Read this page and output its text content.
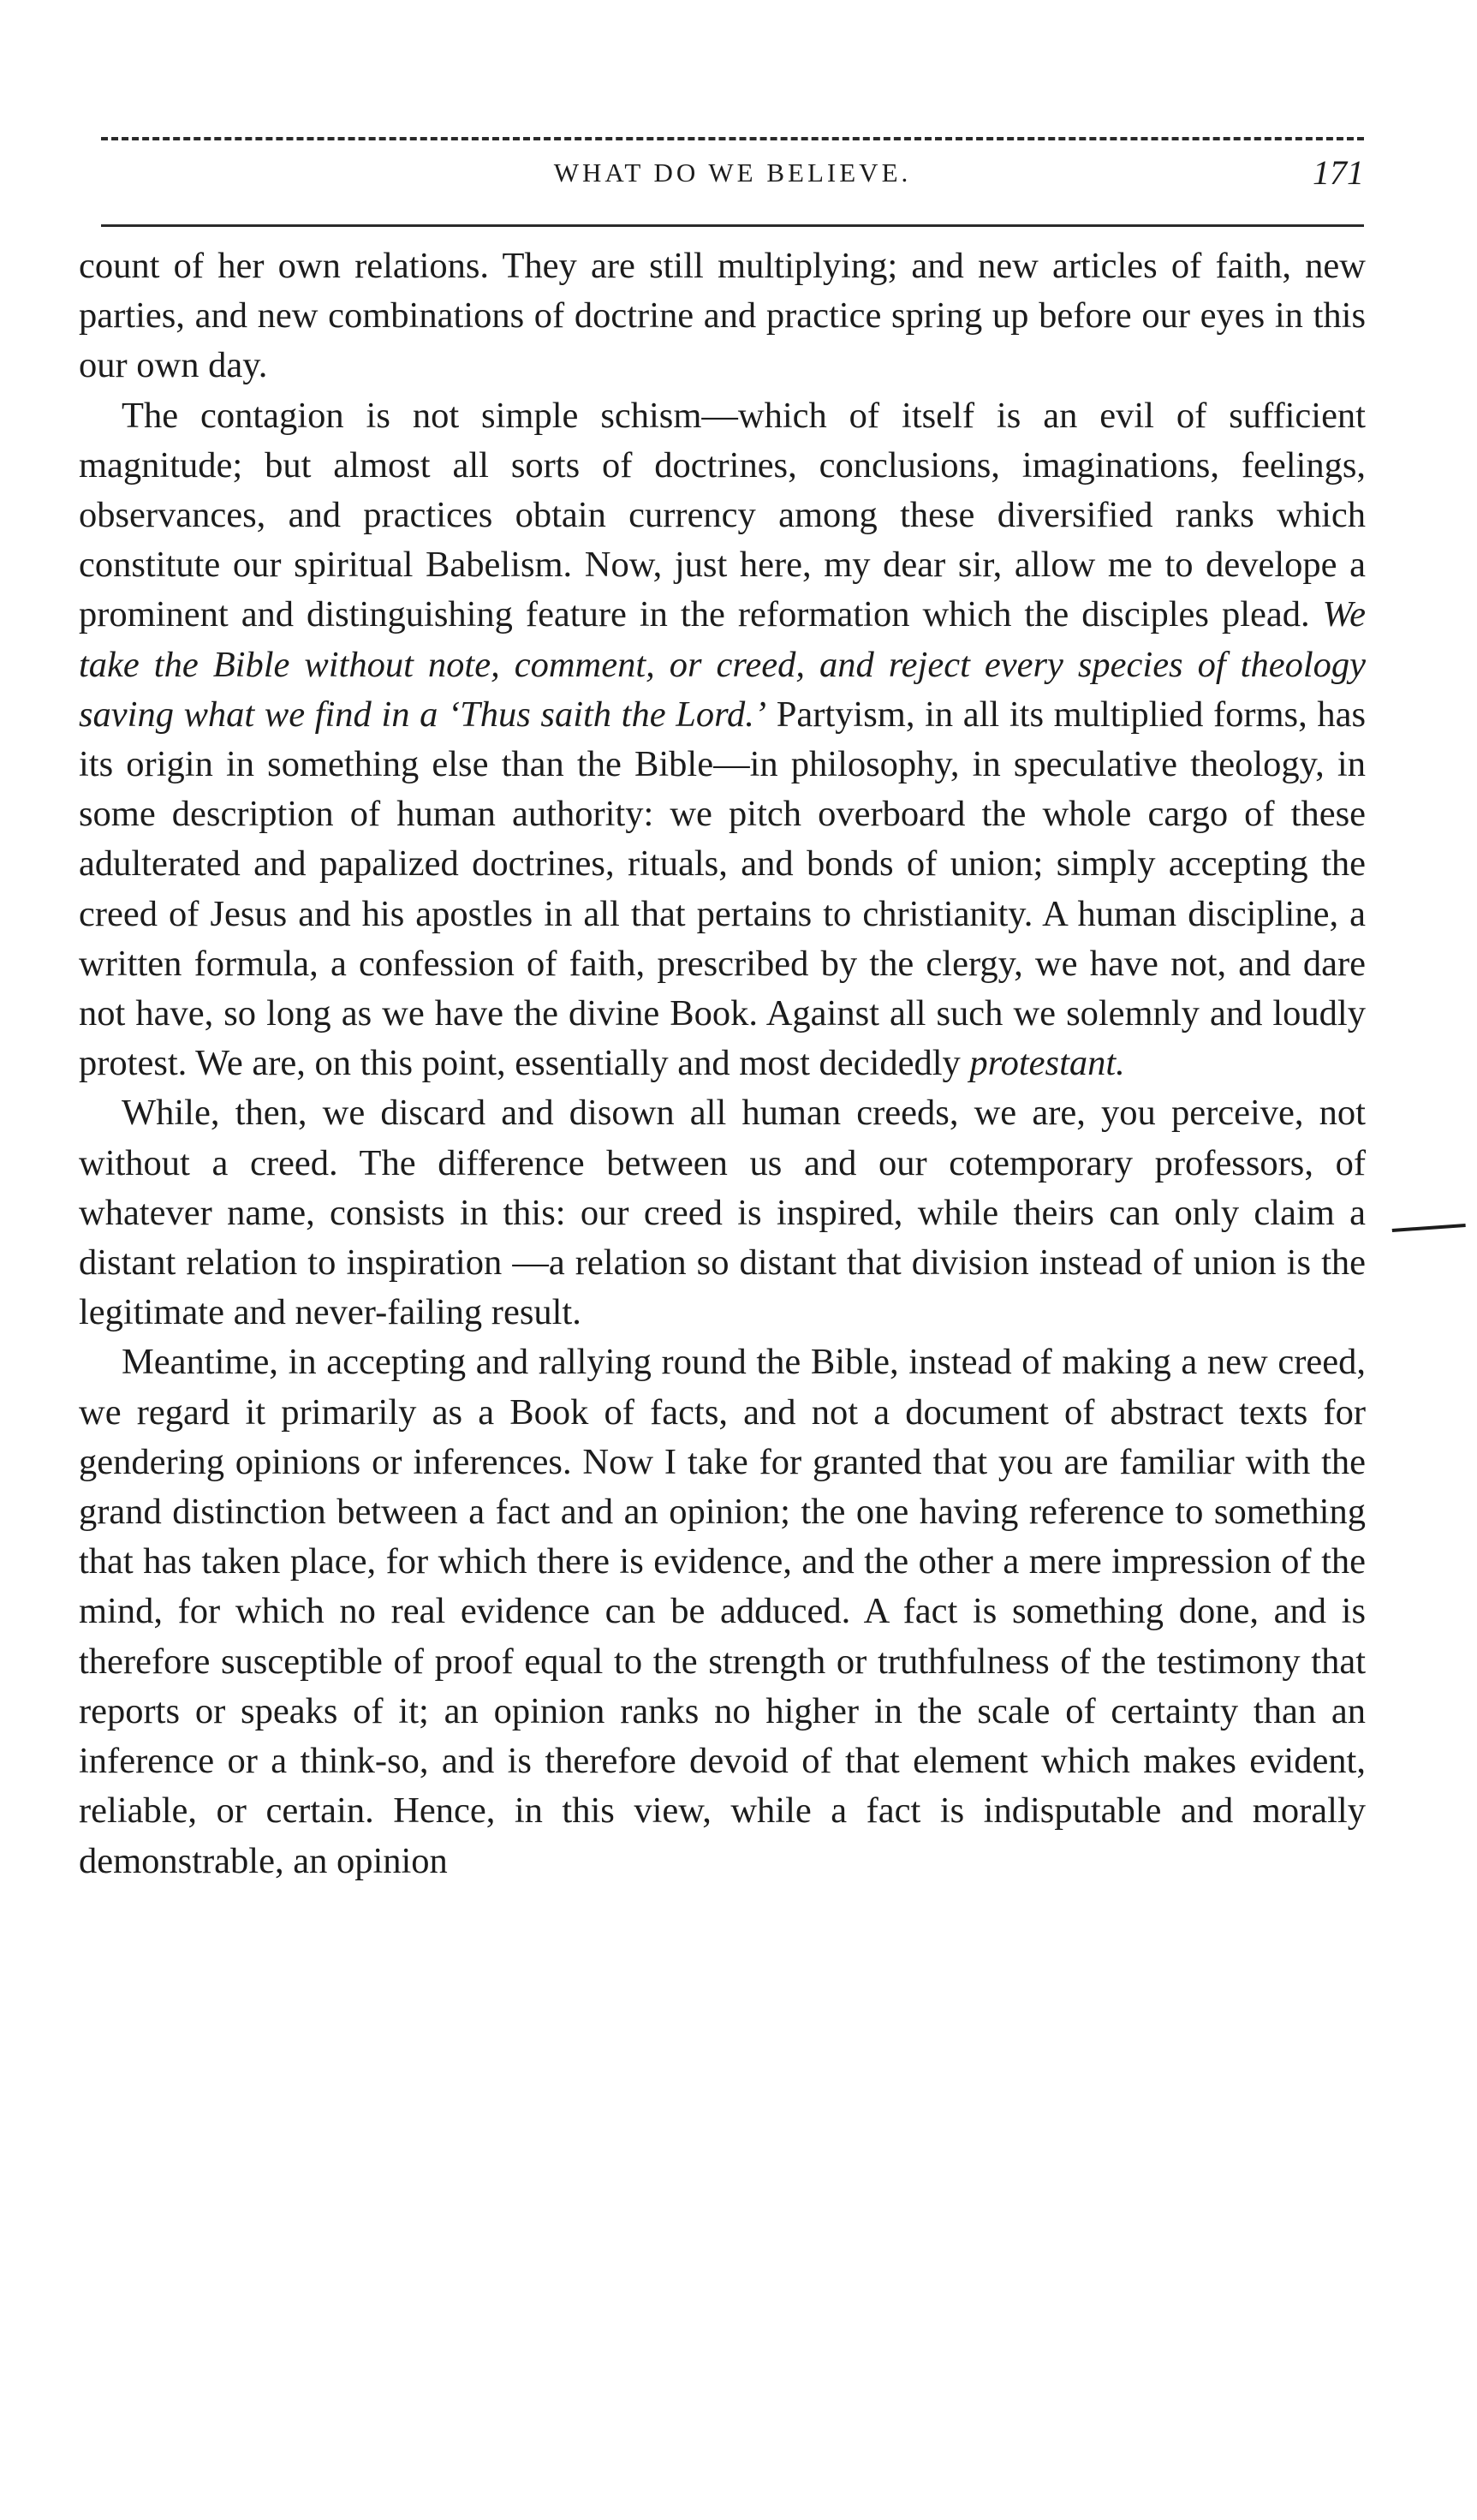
WHAT DO WE BELIEVE.	171

count of her own relations. They are still multiplying; and new articles of faith, new parties, and new combinations of doctrine and practice spring up before our eyes in this our own day.

The contagion is not simple schism—which of itself is an evil of sufficient magnitude; but almost all sorts of doctrines, conclusions, imaginations, feelings, observances, and practices obtain currency among these diversified ranks which constitute our spiritual Babelism. Now, just here, my dear sir, allow me to develope a prominent and distinguishing feature in the reformation which the disciples plead. We take the Bible without note, comment, or creed, and reject every species of theology saving what we find in a ‘Thus saith the Lord.’ Partyism, in all its multiplied forms, has its origin in something else than the Bible—in philosophy, in speculative theology, in some description of human authority: we pitch overboard the whole cargo of these adulterated and papalized doctrines, rituals, and bonds of union; simply accepting the creed of Jesus and his apostles in all that pertains to christianity. A human discipline, a written formula, a confession of faith, prescribed by the clergy, we have not, and dare not have, so long as we have the divine Book. Against all such we solemnly and loudly protest. We are, on this point, essentially and most decidedly protestant.

While, then, we discard and disown all human creeds, we are, you perceive, not without a creed. The difference between us and our cotemporary professors, of whatever name, consists in this: our creed is inspired, while theirs can only claim a distant relation to inspiration —a relation so distant that division instead of union is the legitimate and never-failing result.

Meantime, in accepting and rallying round the Bible, instead of making a new creed, we regard it primarily as a Book of facts, and not a document of abstract texts for gendering opinions or inferences. Now I take for granted that you are familiar with the grand distinction between a fact and an opinion; the one having reference to something that has taken place, for which there is evidence, and the other a mere impression of the mind, for which no real evidence can be adduced. A fact is something done, and is therefore susceptible of proof equal to the strength or truthfulness of the testimony that reports or speaks of it; an opinion ranks no higher in the scale of certainty than an inference or a think-so, and is therefore devoid of that element which makes evident, reliable, or certain. Hence, in this view, while a fact is indisputable and morally demonstrable, an opinion
